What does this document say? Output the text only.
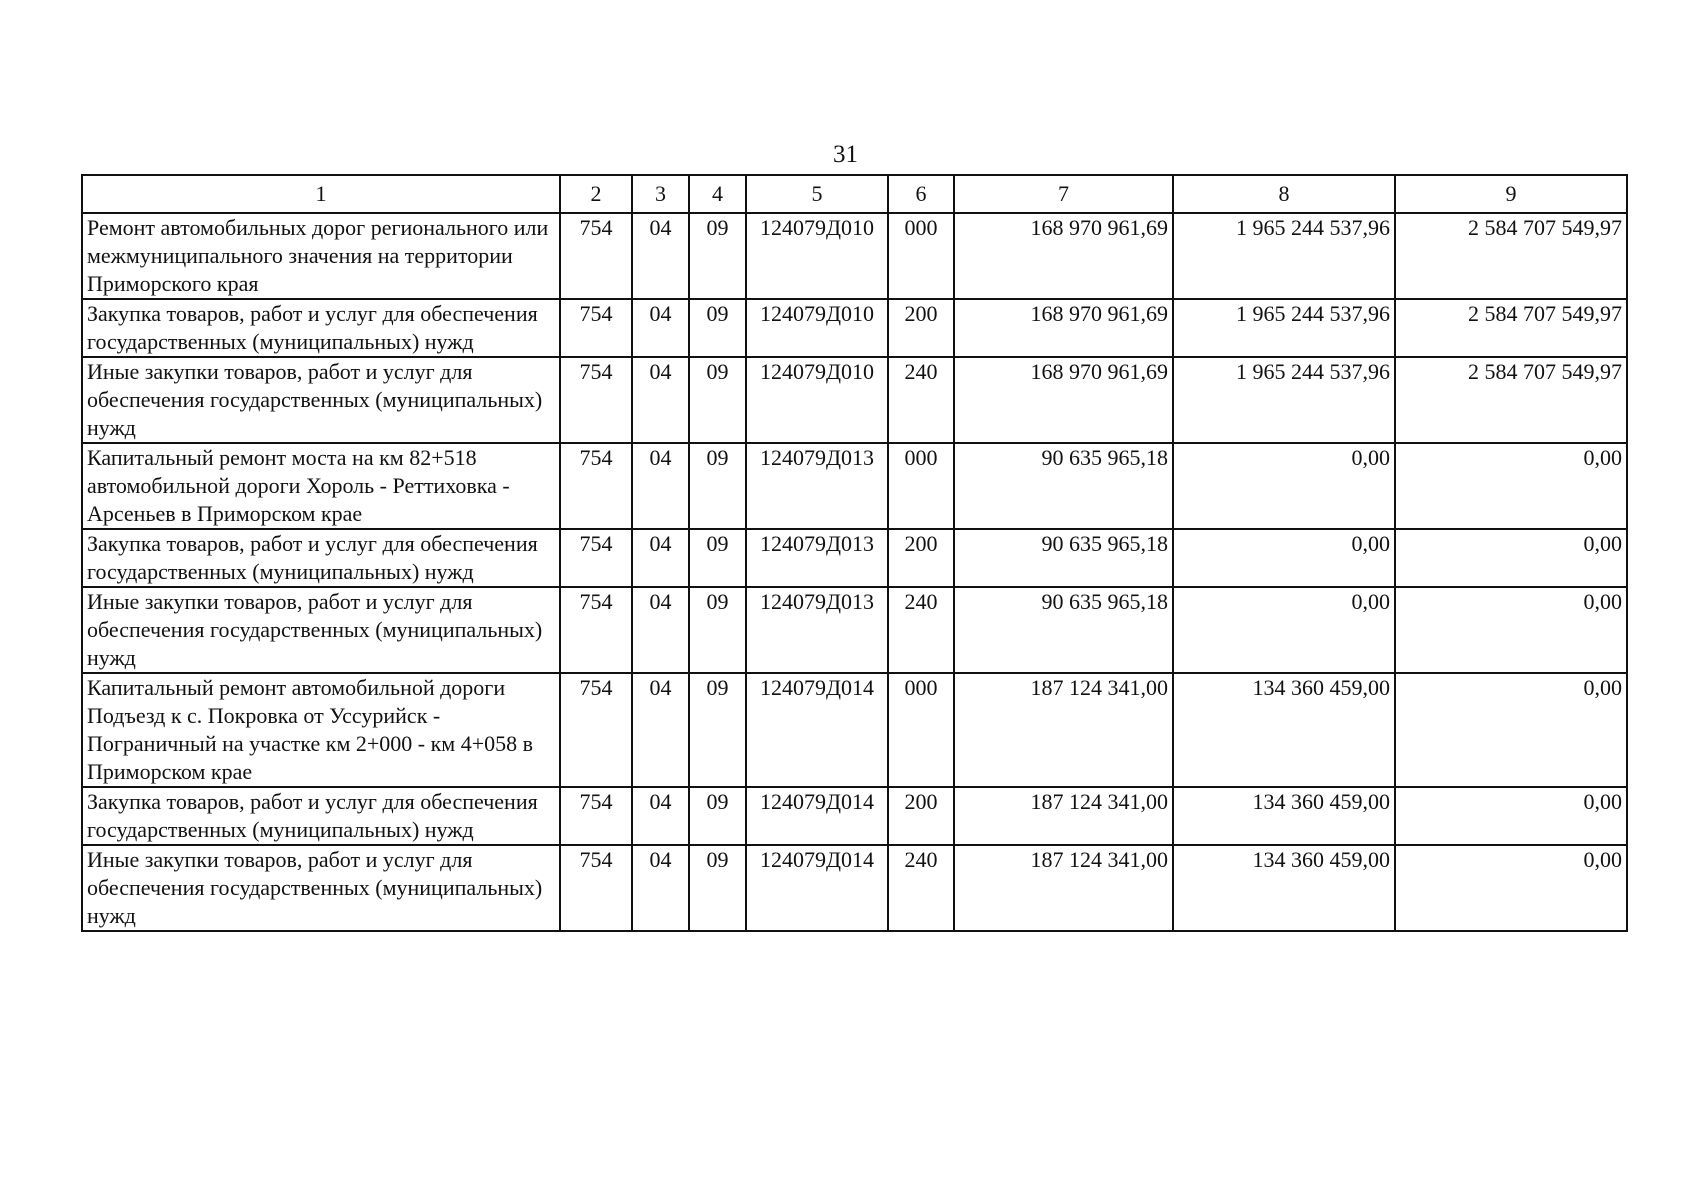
31
1	2	3	4	5	6	7	8	9
Ремонт автомобильных дорог регионального или межмуниципального значения на территории Приморского края	754	04	09	124079Д010	000	168 970 961,69	1 965 244 537,96	2 584 707 549,97
Закупка товаров, работ и услуг для обеспечения государственных (муниципальных) нужд	754	04	09	124079Д010	200	168 970 961,69	1 965 244 537,96	2 584 707 549,97
Иные закупки товаров, работ и услуг для обеспечения государственных (муниципальных) нужд	754	04	09	124079Д010	240	168 970 961,69	1 965 244 537,96	2 584 707 549,97
Капитальный ремонт моста на км 82+518 автомобильной дороги Хороль - Реттиховка - Арсеньев в Приморском крае	754	04	09	124079Д013	000	90 635 965,18	0,00	0,00
Закупка товаров, работ и услуг для обеспечения государственных (муниципальных) нужд	754	04	09	124079Д013	200	90 635 965,18	0,00	0,00
Иные закупки товаров, работ и услуг для обеспечения государственных (муниципальных) нужд	754	04	09	124079Д013	240	90 635 965,18	0,00	0,00
Капитальный ремонт автомобильной дороги Подъезд к с. Покровка от Уссурийск - Пограничный на участке км 2+000 - км 4+058 в Приморском крае	754	04	09	124079Д014	000	187 124 341,00	134 360 459,00	0,00
Закупка товаров, работ и услуг для обеспечения государственных (муниципальных) нужд	754	04	09	124079Д014	200	187 124 341,00	134 360 459,00	0,00
Иные закупки товаров, работ и услуг для обеспечения государственных (муниципальных) нужд	754	04	09	124079Д014	240	187 124 341,00	134 360 459,00	0,00
